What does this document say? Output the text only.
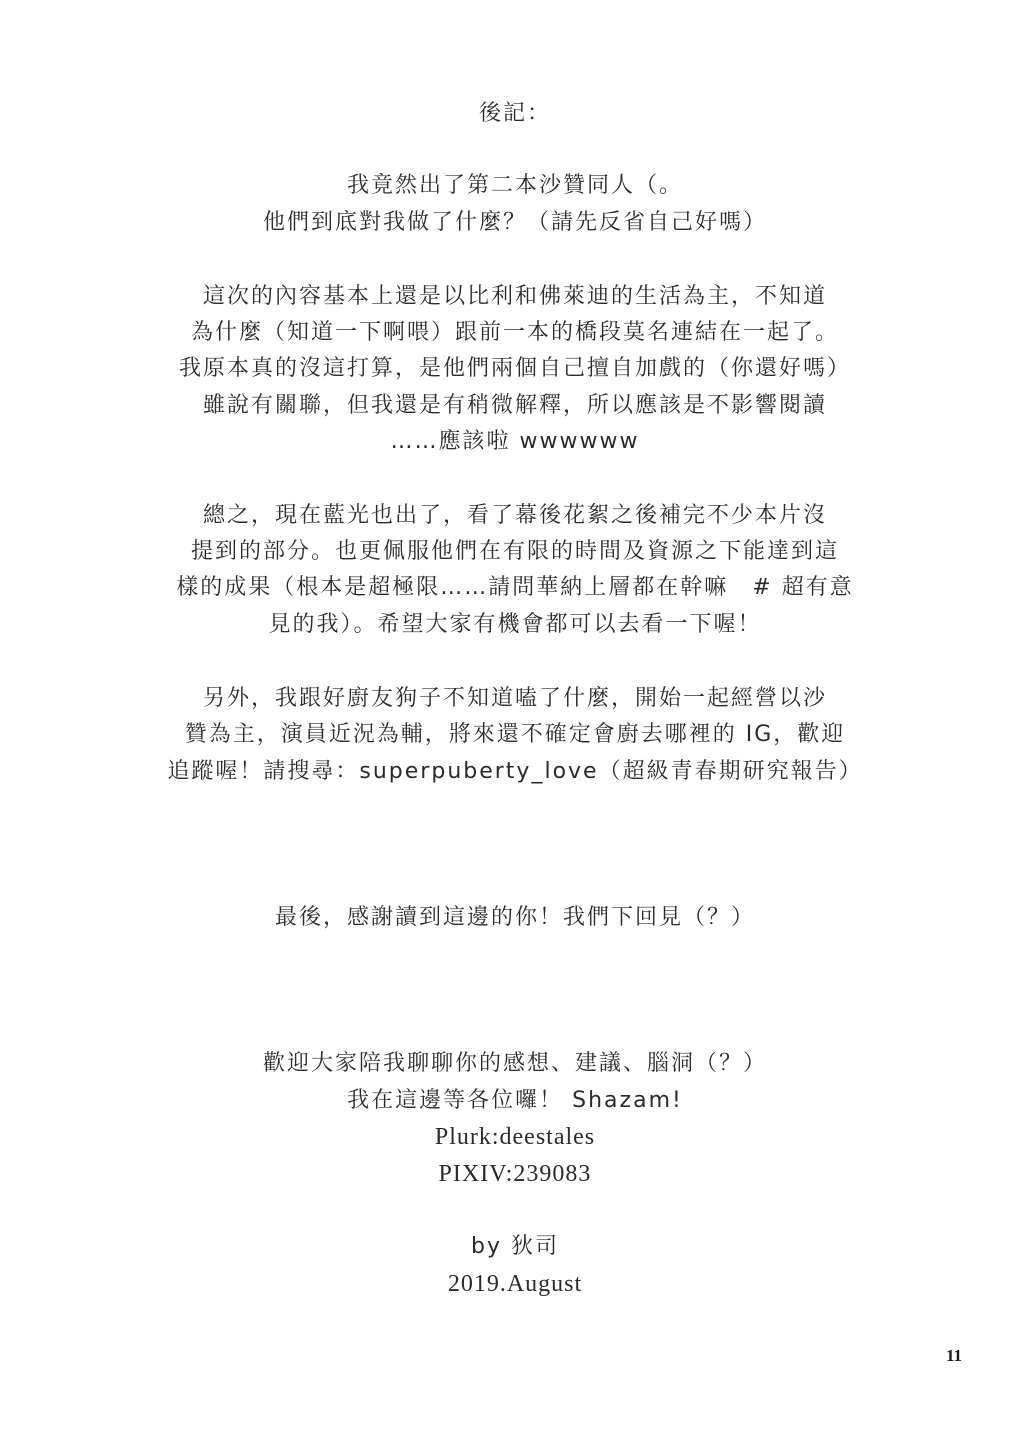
後記：
我竟然出了第二本沙贊同人（。
他們到底對我做了什麼？（請先反省自己好嗎）
這次的內容基本上還是以比利和佛萊迪的生活為主，不知道
為什麼（知道一下啊喂）跟前一本的橋段莫名連結在一起了。
我原本真的沒這打算，是他們兩個自己擅自加戲的（你還好嗎）
雖說有關聯，但我還是有稍微解釋，所以應該是不影響閱讀
……應該啦 wwwwww
總之，現在藍光也出了，看了幕後花絮之後補完不少本片沒
提到的部分。也更佩服他們在有限的時間及資源之下能達到這
樣的成果（根本是超極限……請問華納上層都在幹嘛　# 超有意
見的我）。希望大家有機會都可以去看一下喔！
另外，我跟好廚友狗子不知道嗑了什麼，開始一起經營以沙
贊為主，演員近況為輔，將來還不確定會廚去哪裡的 IG，歡迎
追蹤喔！請搜尋：superpuberty_love（超級青春期研究報告）
最後，感謝讀到這邊的你！我們下回見（？）
歡迎大家陪我聊聊你的感想、建議、腦洞（？）
我在這邊等各位囉！ Shazam!
Plurk:deestales
PIXIV:239083
by 狄司
2019.August
11
